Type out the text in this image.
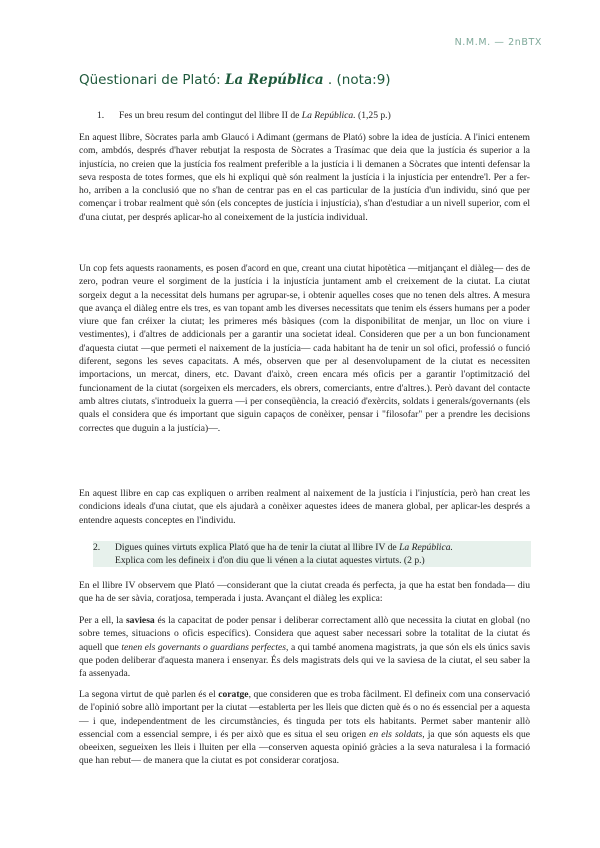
N.M.M. — 2nBTX
Qüestionari de Plató: La República . (nota:9)
1. Fes un breu resum del contingut del llibre II de La República. (1,25 p.)

En aquest llibre, Sòcrates parla amb Glaucó i Adimant (germans de Plató) sobre la idea de justícia. A l'inici entenem com, ambdós, després d'haver rebutjat la resposta de Sòcrates a Trasímac que deia que la justícia és superior a la injustícia, no creien que la justícia fos realment preferible a la justícia i li demanen a Sòcrates que intenti defensar la seva resposta de totes formes, que els hi expliqui què són realment la justícia i la injustícia per entendre'l. Per a fer-ho, arriben a la conclusió que no s'han de centrar pas en el cas particular de la justícia d'un individu, sinó que per començar i trobar realment què són (els conceptes de justícia i injustícia), s'han d'estudiar a un nivell superior, com el d'una ciutat, per després aplicar-ho al coneixement de la justícia individual.

Un cop fets aquests raonaments, es posen d'acord en que, creant una ciutat hipotètica —mitjançant el diàleg— des de zero, podran veure el sorgiment de la justícia i la injustícia juntament amb el creixement de la ciutat. La ciutat sorgeix degut a la necessitat dels humans per agrupar-se, i obtenir aquelles coses que no tenen dels altres. A mesura que avança el diàleg entre els tres, es van topant amb les diverses necessitats que tenim els éssers humans per a poder viure que fan créixer la ciutat; les primeres més bàsiques (com la disponibilitat de menjar, un lloc on viure i vestimentes), i d'altres de addicionals per a garantir una societat ideal. Consideren que per a un bon funcionament d'aquesta ciutat —que permeti el naixement de la justícia— cada habitant ha de tenir un sol ofici, professió o funció diferent, segons les seves capacitats. A més, observen que per al desenvolupament de la ciutat es necessiten importacions, un mercat, diners, etc. Davant d'això, creen encara més oficis per a garantir l'optimització del funcionament de la ciutat (sorgeixen els mercaders, els obrers, comerciants, entre d'altres.). Però davant del contacte amb altres ciutats, s'introdueix la guerra —i per conseqüència, la creació d'exèrcits, soldats i generals/governants (els quals el considera que és important que siguin capaços de conèixer, pensar i "filosofar" per a prendre les decisions correctes que duguin a la justícia)—.

En aquest llibre en cap cas expliquen o arriben realment al naixement de la justícia i l'injustícia, però han creat les condicions ideals d'una ciutat, que els ajudarà a conèixer aquestes idees de manera global, per aplicar-les després a entendre aquests conceptes en l'individu.

2. Digues quines virtuts explica Plató que ha de tenir la ciutat al llibre IV de La República.
Explica com les defineix i d'on diu que li vénen a la ciutat aquestes virtuts. (2 p.)

En el llibre IV observem que Plató —considerant que la ciutat creada és perfecta, ja que ha estat ben fondada— diu que ha de ser sàvia, coratjosa, temperada i justa. Avançant el diàleg les explica:

Per a ell, la saviesa és la capacitat de poder pensar i deliberar correctament allò que necessita la ciutat en global (no sobre temes, situacions o oficis específics). Considera que aquest saber necessari sobre la totalitat de la ciutat és aquell que tenen els governants o guardians perfectes, a qui també anomena magistrats, ja que són els els únics savis que poden deliberar d'aquesta manera i ensenyar. És dels magistrats dels qui ve la saviesa de la ciutat, el seu saber la fa assenyada.

La segona virtut de què parlen és el coratge, que consideren que es troba fàcilment. El defineix com una conservació de l'opinió sobre allò important per la ciutat —establerta per les lleis que dicten què és o no és essencial per a aquesta— i que, independentment de les circumstàncies, és tinguda per tots els habitants. Permet saber mantenir allò essencial com a essencial sempre, i és per això que es situa el seu origen en els soldats, ja que són aquests els que obeeixen, segueixen les lleis i lluiten per ella —conserven aquesta opinió gràcies a la seva naturalesa i la formació que han rebut— de manera que la ciutat es pot considerar coratjosa.
